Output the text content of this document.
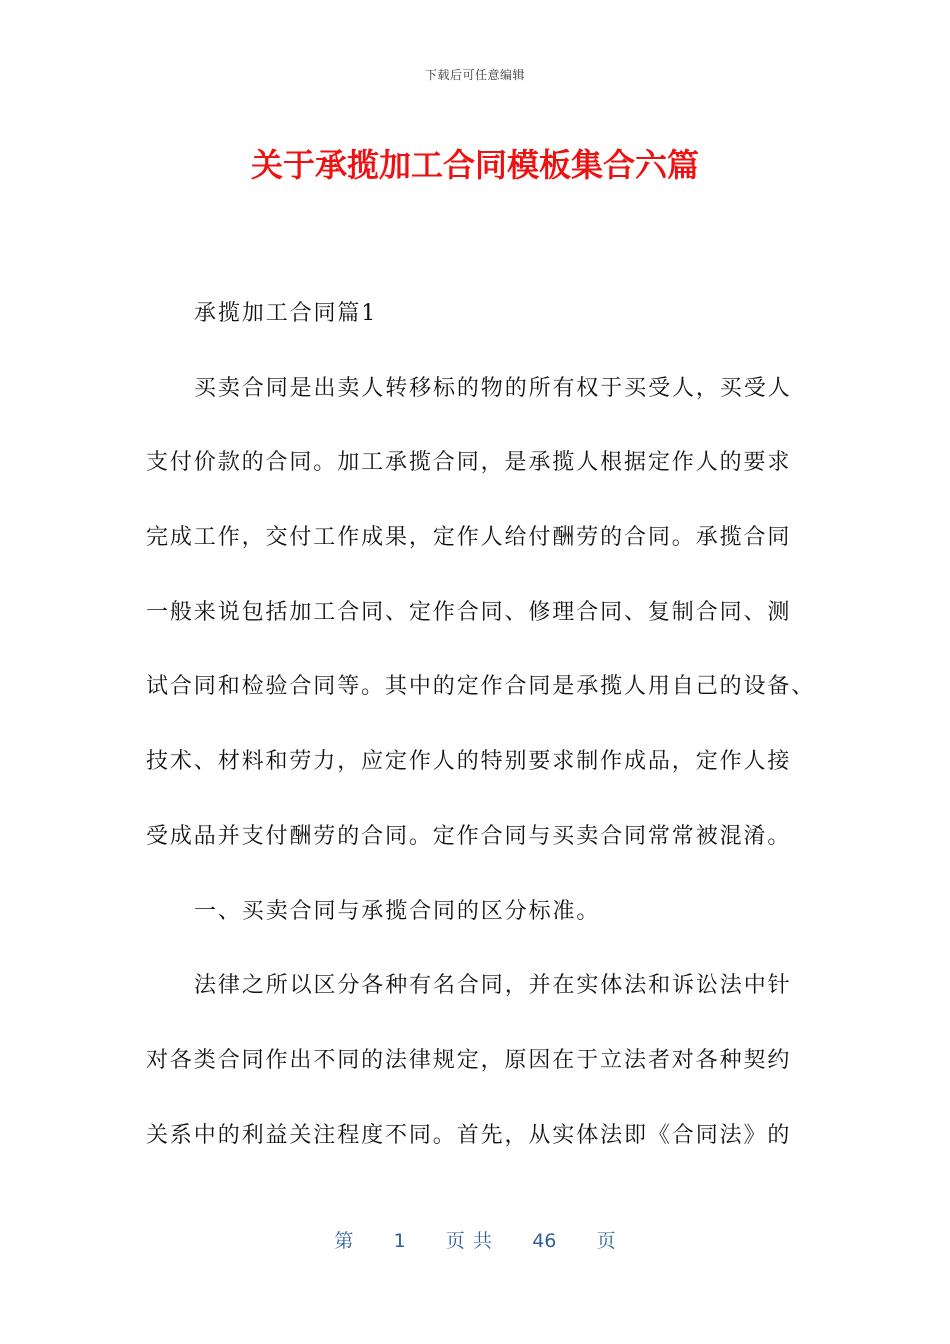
下载后可任意编辑
关于承揽加工合同模板集合六篇
承揽加工合同篇1
买卖合同是出卖人转移标的物的所有权于买受人，买受人
支付价款的合同。加工承揽合同，是承揽人根据定作人的要求
完成工作，交付工作成果，定作人给付酬劳的合同。承揽合同
一般来说包括加工合同、定作合同、修理合同、复制合同、测
试合同和检验合同等。其中的定作合同是承揽人用自己的设备、
技术、材料和劳力，应定作人的特别要求制作成品，定作人接
受成品并支付酬劳的合同。定作合同与买卖合同常常被混淆。
一、买卖合同与承揽合同的区分标准。
法律之所以区分各种有名合同，并在实体法和诉讼法中针
对各类合同作出不同的法律规定，原因在于立法者对各种契约
关系中的利益关注程度不同。首先，从实体法即《合同法》的
第 1 页 共 46 页
